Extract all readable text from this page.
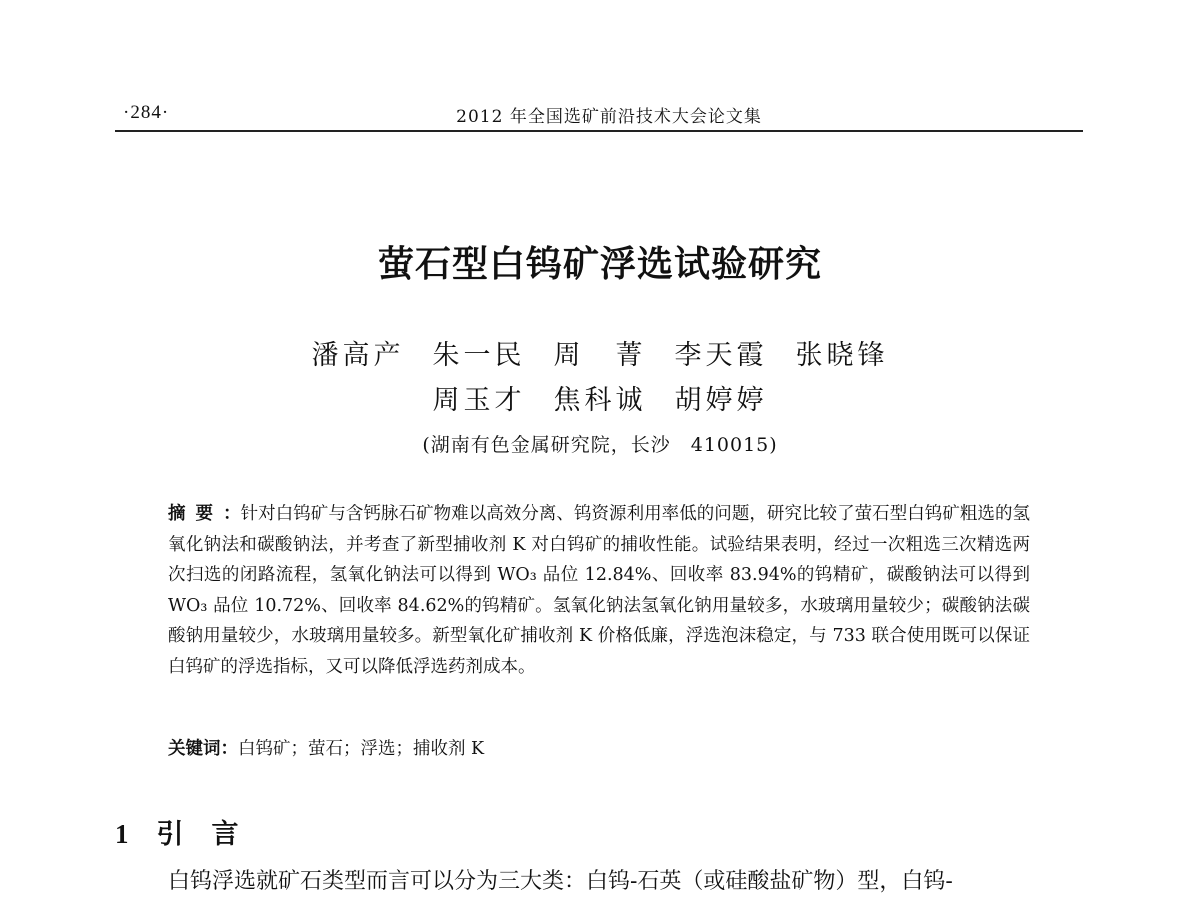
·284·	2012 年全国选矿前沿技术大会论文集
萤石型白钨矿浮选试验研究
潘高产 朱一民 周　菁 李天霞 张晓锋
周玉才 焦科诚 胡婷婷
(湖南有色金属研究院，长沙　410015)
摘要：针对白钨矿与含钙脉石矿物难以高效分离、钨资源利用率低的问题，研究比较了萤石型白钨矿粗选的氢氧化钠法和碳酸钠法，并考查了新型捕收剂 K 对白钨矿的捕收性能。试验结果表明，经过一次粗选三次精选两次扫选的闭路流程，氢氧化钠法可以得到 WO₃ 品位 12.84%、回收率 83.94%的钨精矿，碳酸钠法可以得到 WO₃ 品位 10.72%、回收率 84.62%的钨精矿。氢氧化钠法氢氧化钠用量较多，水玻璃用量较少；碳酸钠法碳酸钠用量较少，水玻璃用量较多。新型氧化矿捕收剂 K 价格低廉，浮选泡沫稳定，与 733 联合使用既可以保证白钨矿的浮选指标，又可以降低浮选药剂成本。
关键词：白钨矿；萤石；浮选；捕收剂 K
1 引言
白钨浮选就矿石类型而言可以分为三大类：白钨-石英（或硅酸盐矿物）型，白钨-
